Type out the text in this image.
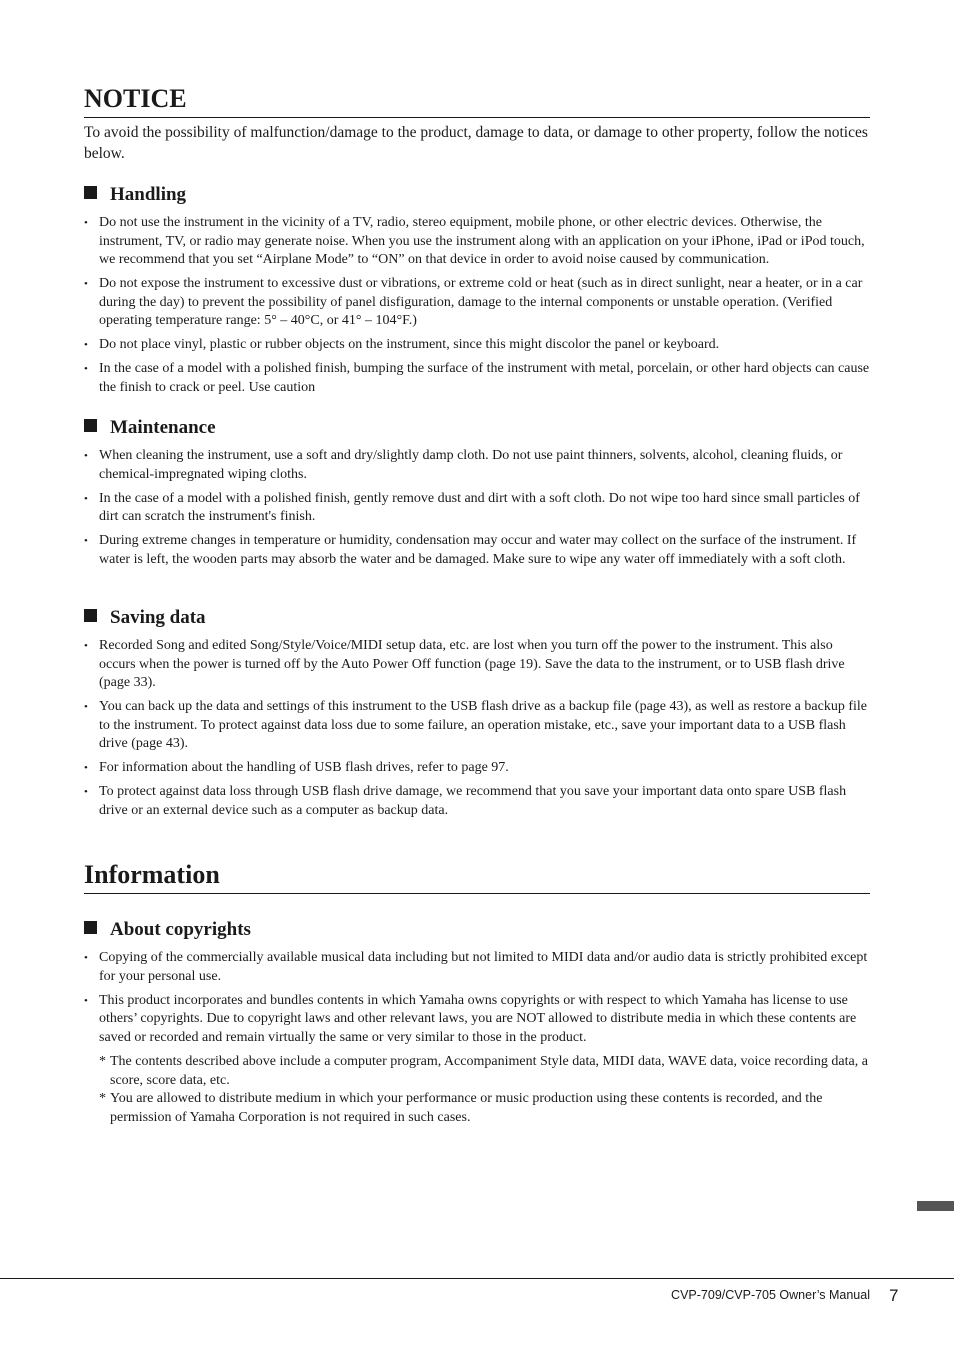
NOTICE

To avoid the possibility of malfunction/damage to the product, damage to data, or damage to other property, follow the notices below.

Handling
• Do not use the instrument in the vicinity of a TV, radio, stereo equipment, mobile phone, or other electric devices. Otherwise, the instrument, TV, or radio may generate noise. When you use the instrument along with an application on your iPhone, iPad or iPod touch, we recommend that you set “Airplane Mode” to “ON” on that device in order to avoid noise caused by communication.
• Do not expose the instrument to excessive dust or vibrations, or extreme cold or heat (such as in direct sunlight, near a heater, or in a car during the day) to prevent the possibility of panel disfiguration, damage to the internal components or unstable operation. (Verified operating temperature range: 5° – 40°C, or 41° – 104°F.)
• Do not place vinyl, plastic or rubber objects on the instrument, since this might discolor the panel or keyboard.
• In the case of a model with a polished finish, bumping the surface of the instrument with metal, porcelain, or other hard objects can cause the finish to crack or peel. Use caution
Maintenance
• When cleaning the instrument, use a soft and dry/slightly damp cloth. Do not use paint thinners, solvents, alcohol, cleaning fluids, or chemical-impregnated wiping cloths.
• In the case of a model with a polished finish, gently remove dust and dirt with a soft cloth. Do not wipe too hard since small particles of dirt can scratch the instrument's finish.
• During extreme changes in temperature or humidity, condensation may occur and water may collect on the surface of the instrument. If water is left, the wooden parts may absorb the water and be damaged. Make sure to wipe any water off immediately with a soft cloth.
Saving data
• Recorded Song and edited Song/Style/Voice/MIDI setup data, etc. are lost when you turn off the power to the instrument. This also occurs when the power is turned off by the Auto Power Off function (page 19). Save the data to the instrument, or to USB flash drive (page 33).
• You can back up the data and settings of this instrument to the USB flash drive as a backup file (page 43), as well as restore a backup file to the instrument. To protect against data loss due to some failure, an operation mistake, etc., save your important data to a USB flash drive (page 43).
• For information about the handling of USB flash drives, refer to page 97.
• To protect against data loss through USB flash drive damage, we recommend that you save your important data onto spare USB flash drive or an external device such as a computer as backup data.
Information
About copyrights
• Copying of the commercially available musical data including but not limited to MIDI data and/or audio data is strictly prohibited except for your personal use.
• This product incorporates and bundles contents in which Yamaha owns copyrights or with respect to which Yamaha has license to use others’ copyrights. Due to copyright laws and other relevant laws, you are NOT allowed to distribute media in which these contents are saved or recorded and remain virtually the same or very similar to those in the product.
* The contents described above include a computer program, Accompaniment Style data, MIDI data, WAVE data, voice recording data, a score, score data, etc.
* You are allowed to distribute medium in which your performance or music production using these contents is recorded, and the permission of Yamaha Corporation is not required in such cases.
CVP-709/CVP-705 Owner’s Manual 7
